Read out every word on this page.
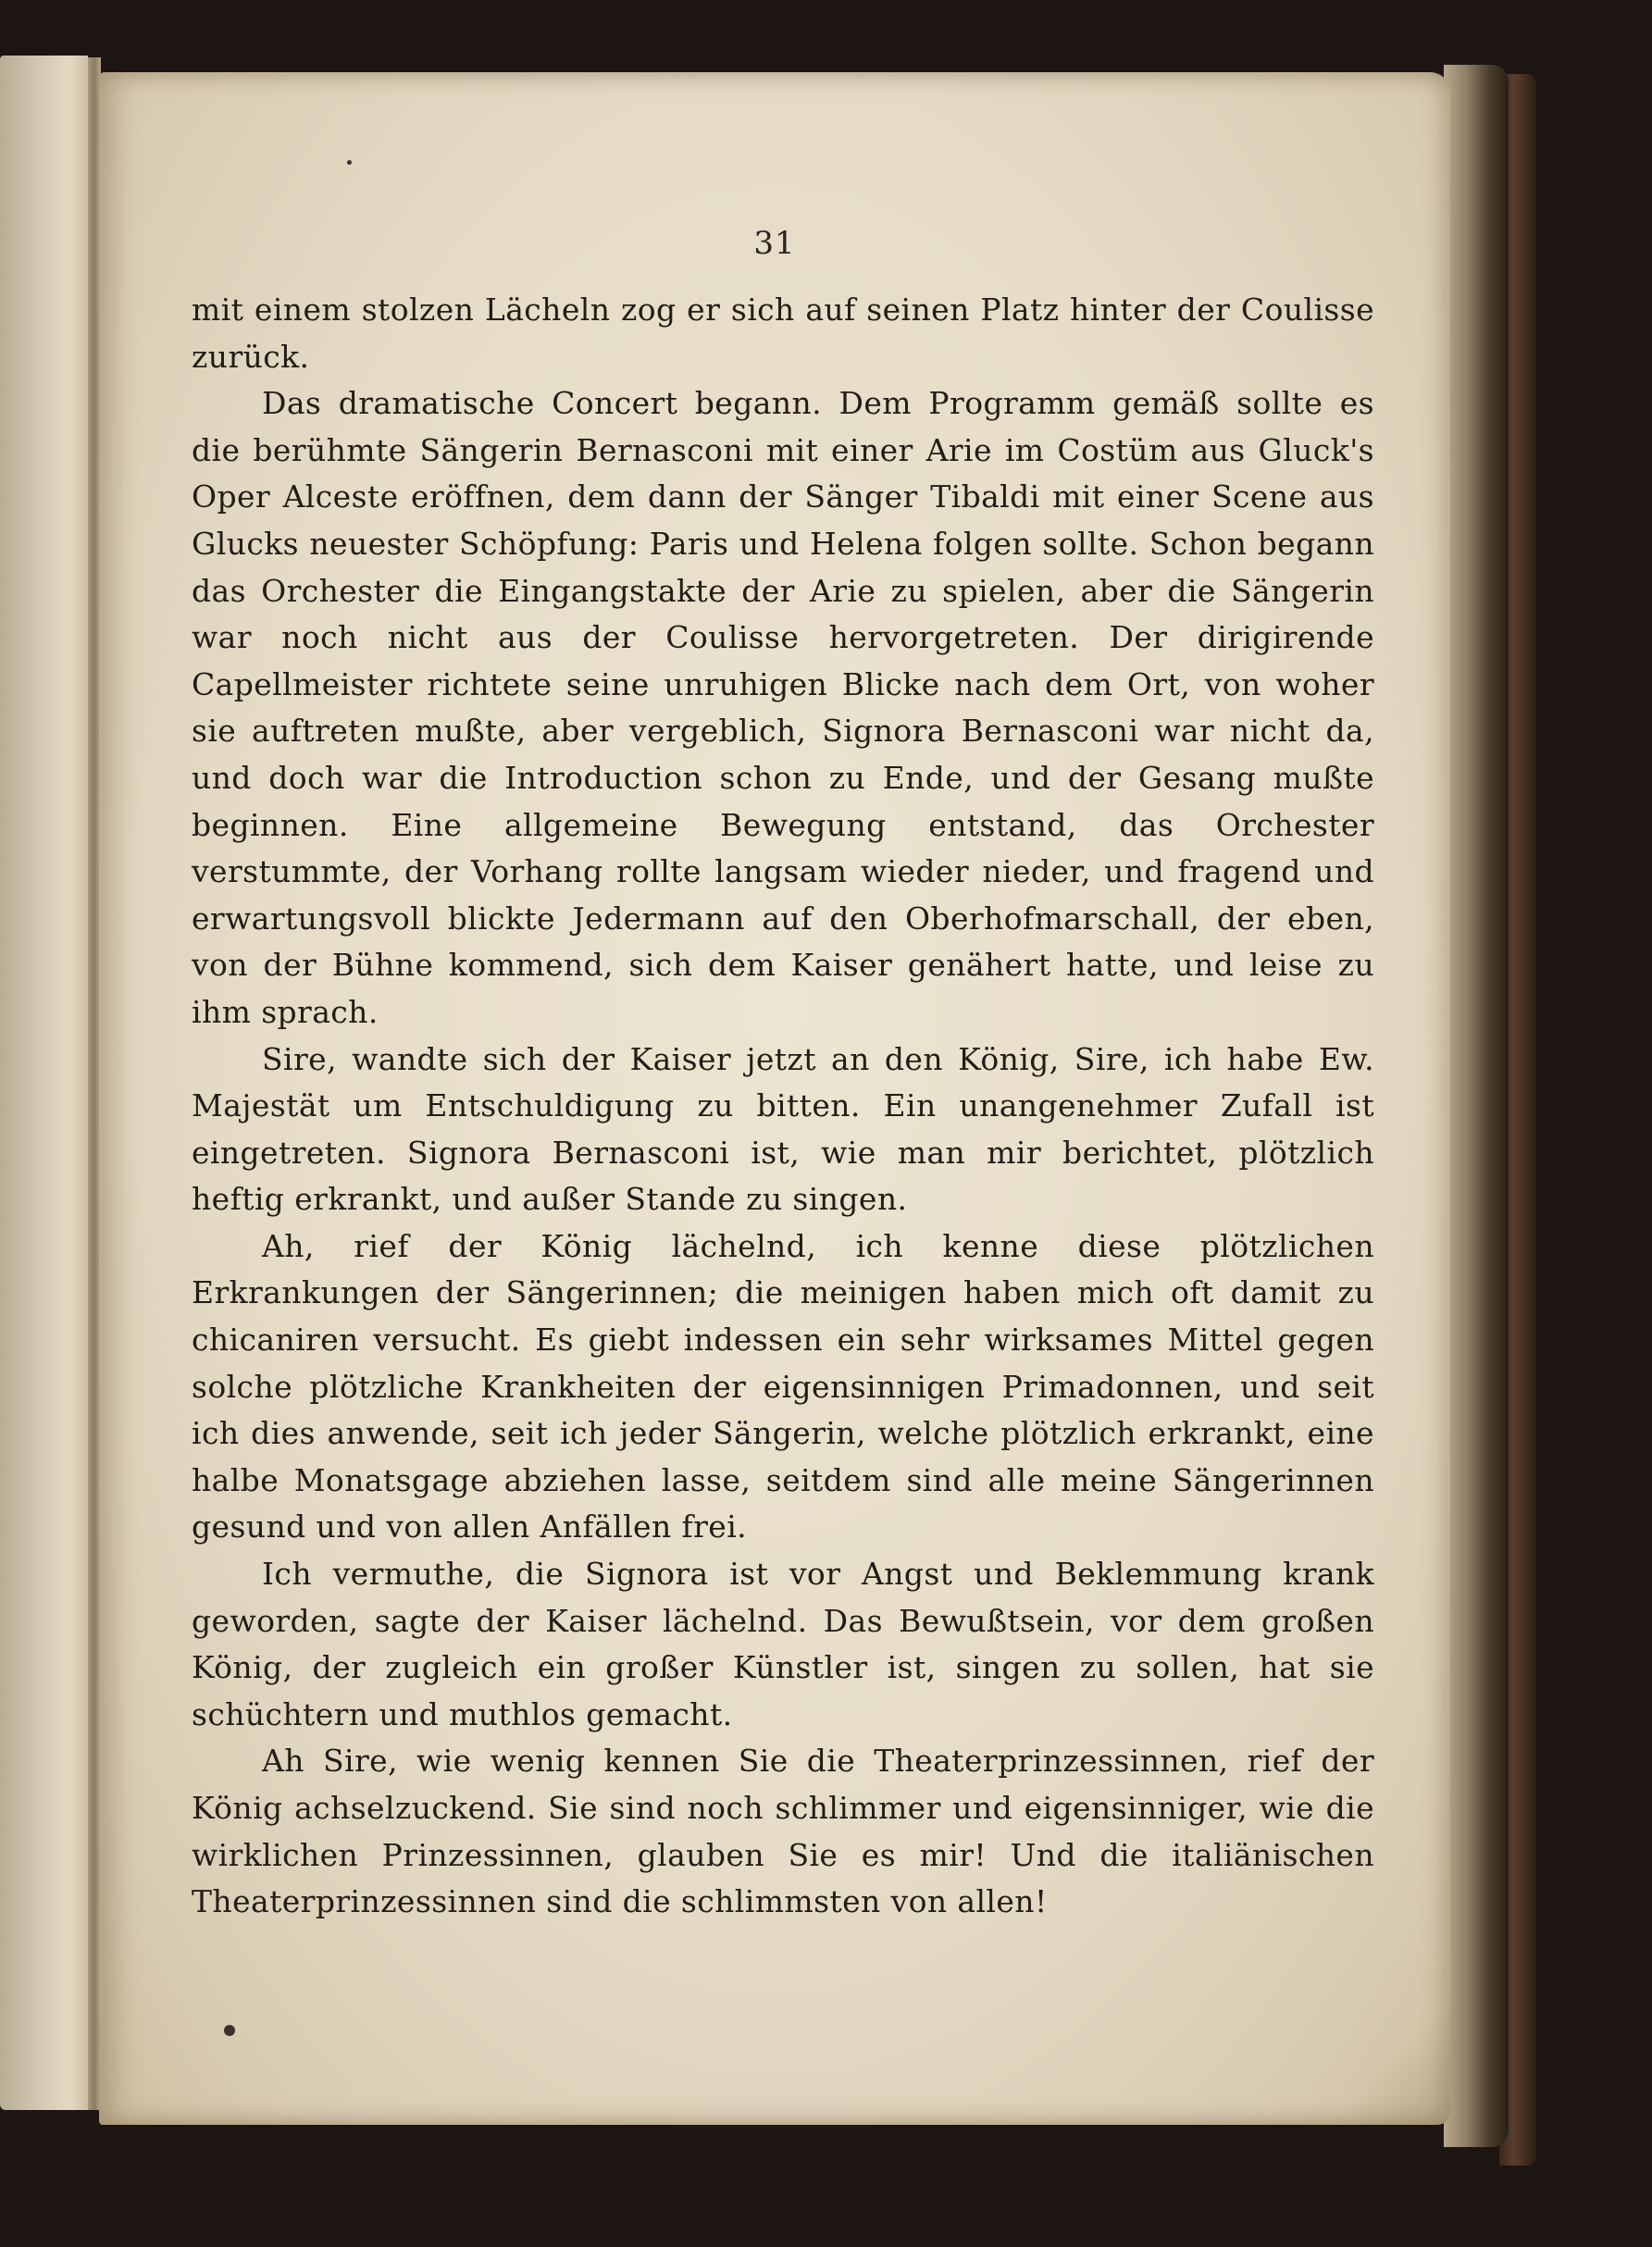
31

mit einem stolzen Lächeln zog er sich auf seinen Platz hinter der Coulisse zurück.

Das dramatische Concert begann. Dem Programm gemäß sollte es die berühmte Sängerin Bernasconi mit einer Arie im Costüm aus Gluck's Oper Alceste eröffnen, dem dann der Sänger Tibaldi mit einer Scene aus Glucks neuester Schöpfung: Paris und Helena folgen sollte. Schon begann das Orchester die Eingangstakte der Arie zu spielen, aber die Sängerin war noch nicht aus der Coulisse hervorgetreten. Der dirigirende Capellmeister richtete seine unruhigen Blicke nach dem Ort, von woher sie auftreten mußte, aber vergeblich, Signora Bernasconi war nicht da, und doch war die Introduction schon zu Ende, und der Gesang mußte beginnen. Eine allgemeine Bewegung entstand, das Orchester verstummte, der Vorhang rollte langsam wieder nieder, und fragend und erwartungsvoll blickte Jedermann auf den Oberhofmarschall, der eben, von der Bühne kommend, sich dem Kaiser genähert hatte, und leise zu ihm sprach.

Sire, wandte sich der Kaiser jetzt an den König, Sire, ich habe Ew. Majestät um Entschuldigung zu bitten. Ein unangenehmer Zufall ist eingetreten. Signora Bernasconi ist, wie man mir berichtet, plötzlich heftig erkrankt, und außer Stande zu singen.

Ah, rief der König lächelnd, ich kenne diese plötzlichen Erkrankungen der Sängerinnen; die meinigen haben mich oft damit zu chicaniren versucht. Es giebt indessen ein sehr wirksames Mittel gegen solche plötzliche Krankheiten der eigensinnigen Primadonnen, und seit ich dies anwende, seit ich jeder Sängerin, welche plötzlich erkrankt, eine halbe Monatsgage abziehen lasse, seitdem sind alle meine Sängerinnen gesund und von allen Anfällen frei.

Ich vermuthe, die Signora ist vor Angst und Beklemmung krank geworden, sagte der Kaiser lächelnd. Das Bewußtsein, vor dem großen König, der zugleich ein großer Künstler ist, singen zu sollen, hat sie schüchtern und muthlos gemacht.

Ah Sire, wie wenig kennen Sie die Theaterprinzessinnen, rief der König achselzuckend. Sie sind noch schlimmer und eigensinniger, wie die wirklichen Prinzessinnen, glauben Sie es mir! Und die italiänischen Theaterprinzessinnen sind die schlimmsten von allen!
